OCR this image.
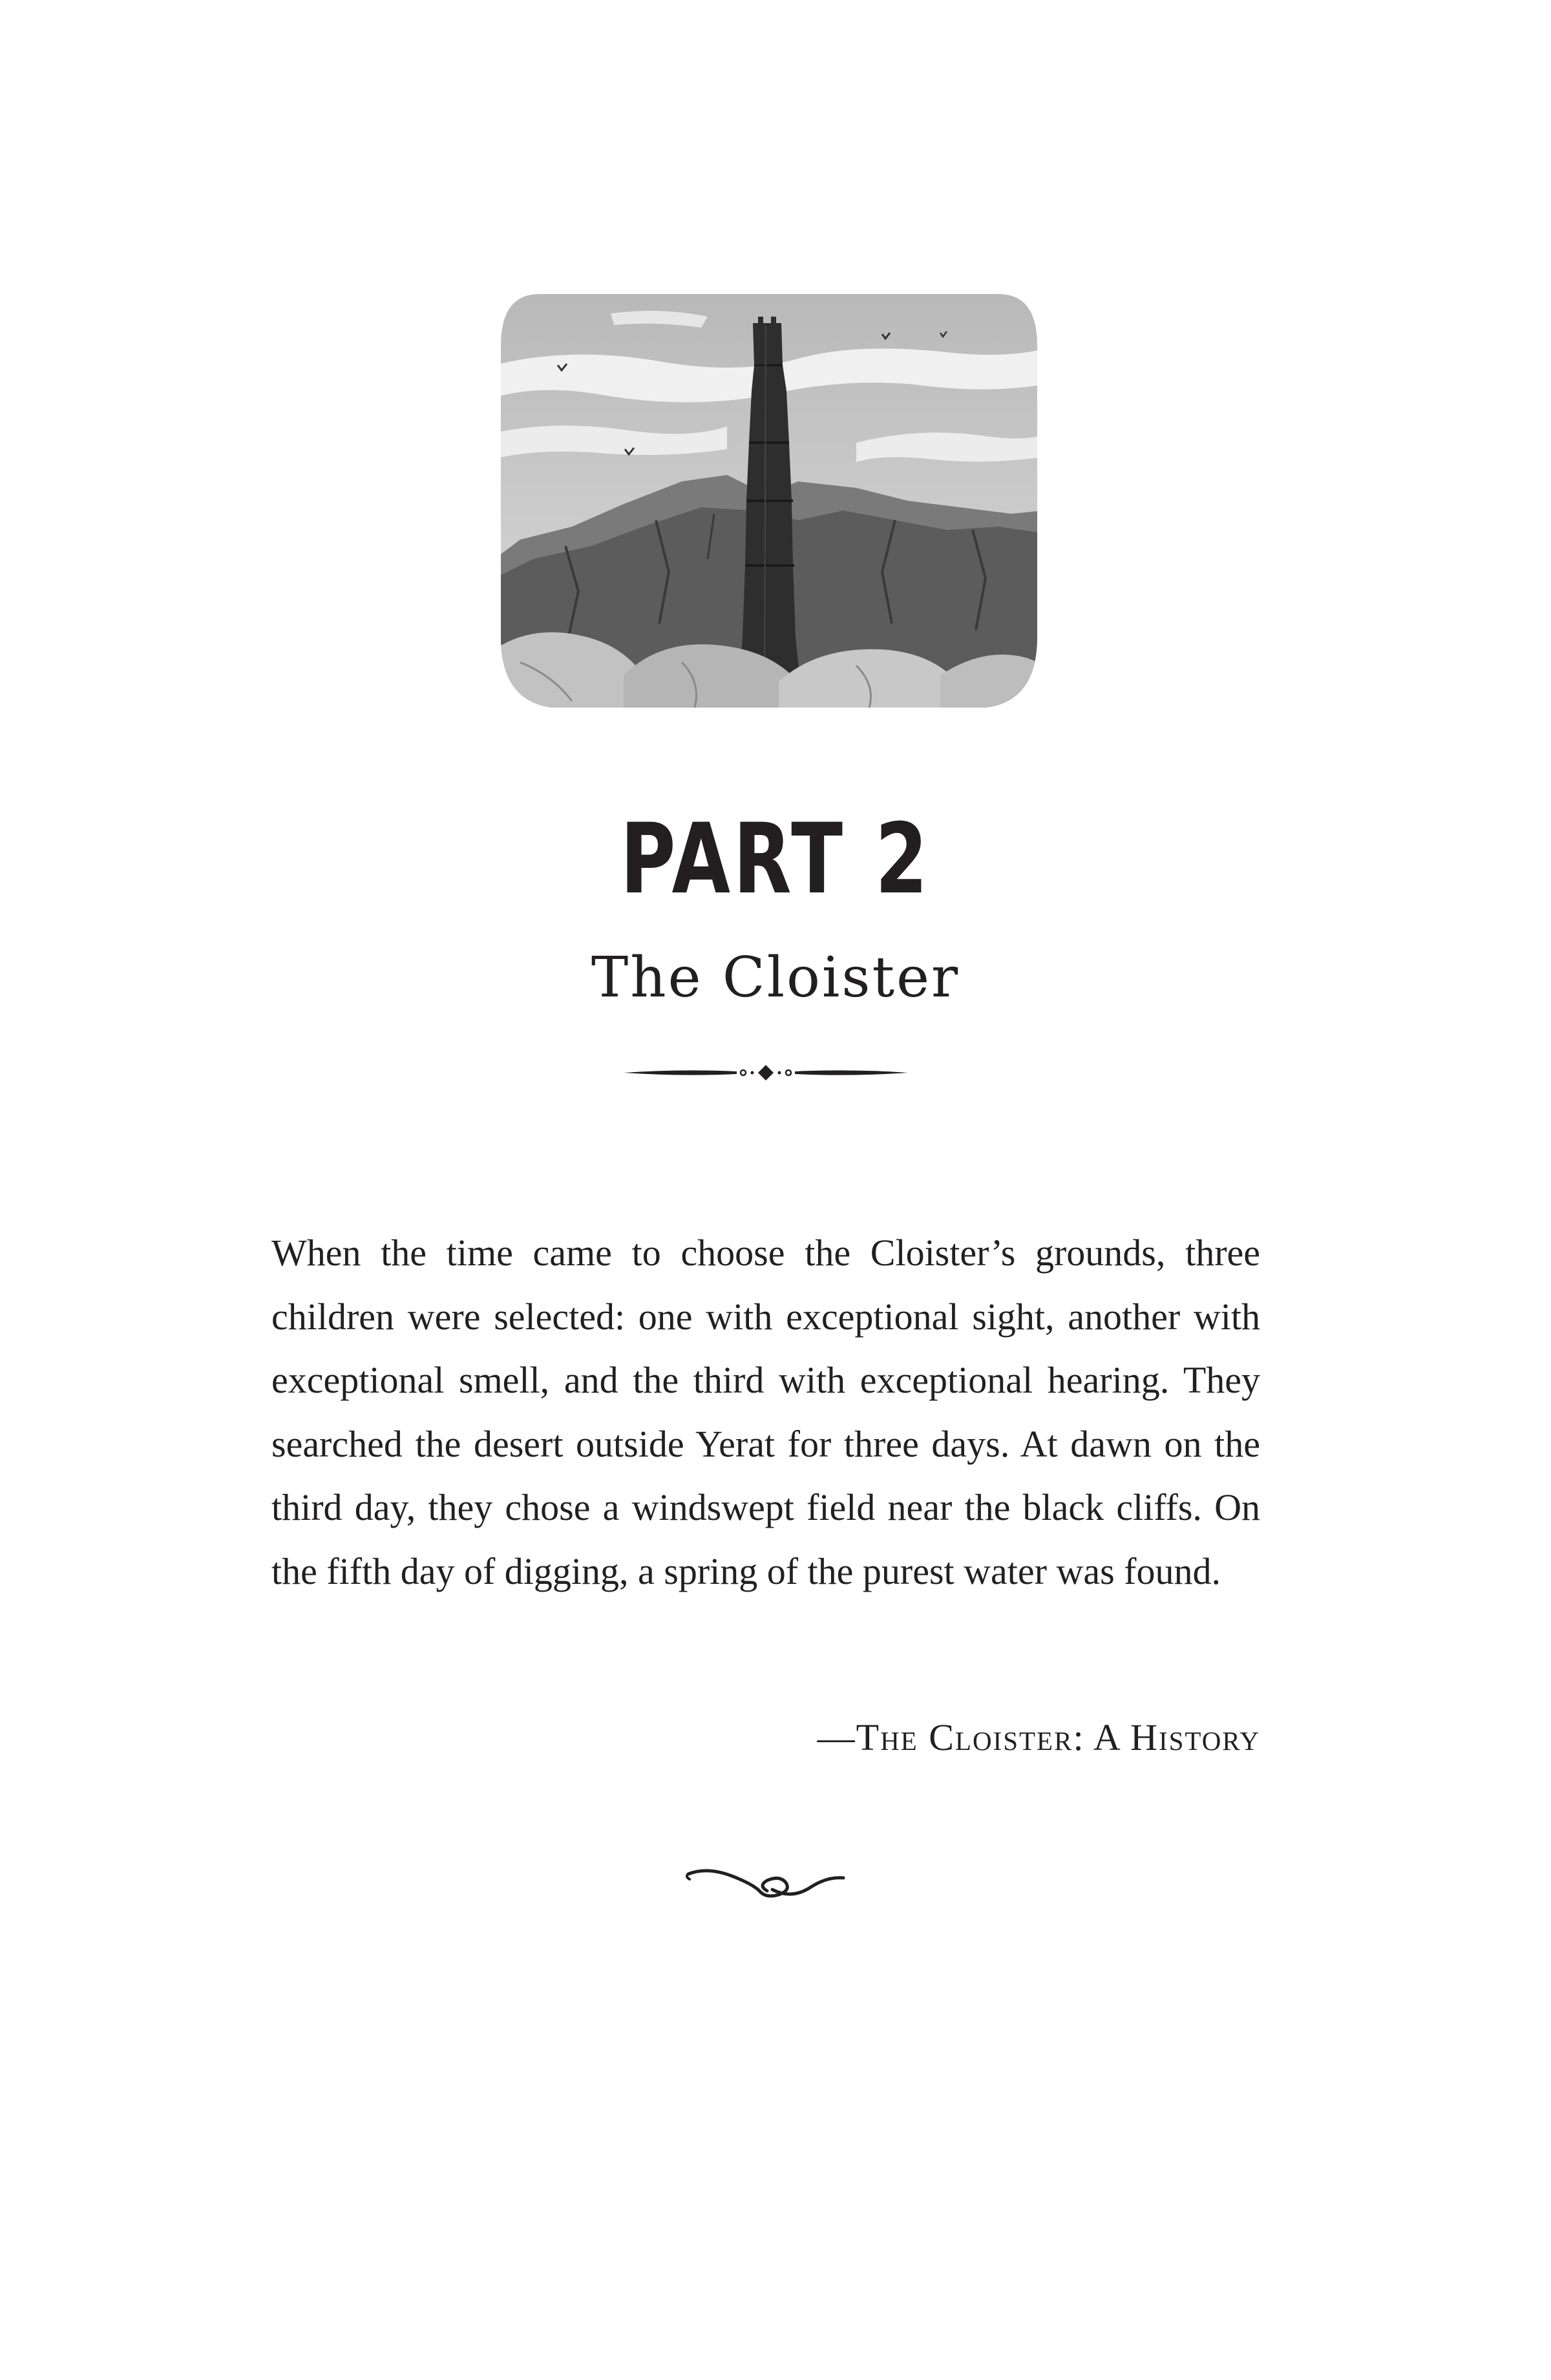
PART 2
The Cloister

When the time came to choose the Cloister’s grounds, three children were selected: one with exceptional sight, another with exceptional smell, and the third with exceptional hearing. They searched the desert outside Yerat for three days. At dawn on the third day, they chose a windswept field near the black cliffs. On the fifth day of digging, a spring of the purest water was found.

—The Cloister: A History
